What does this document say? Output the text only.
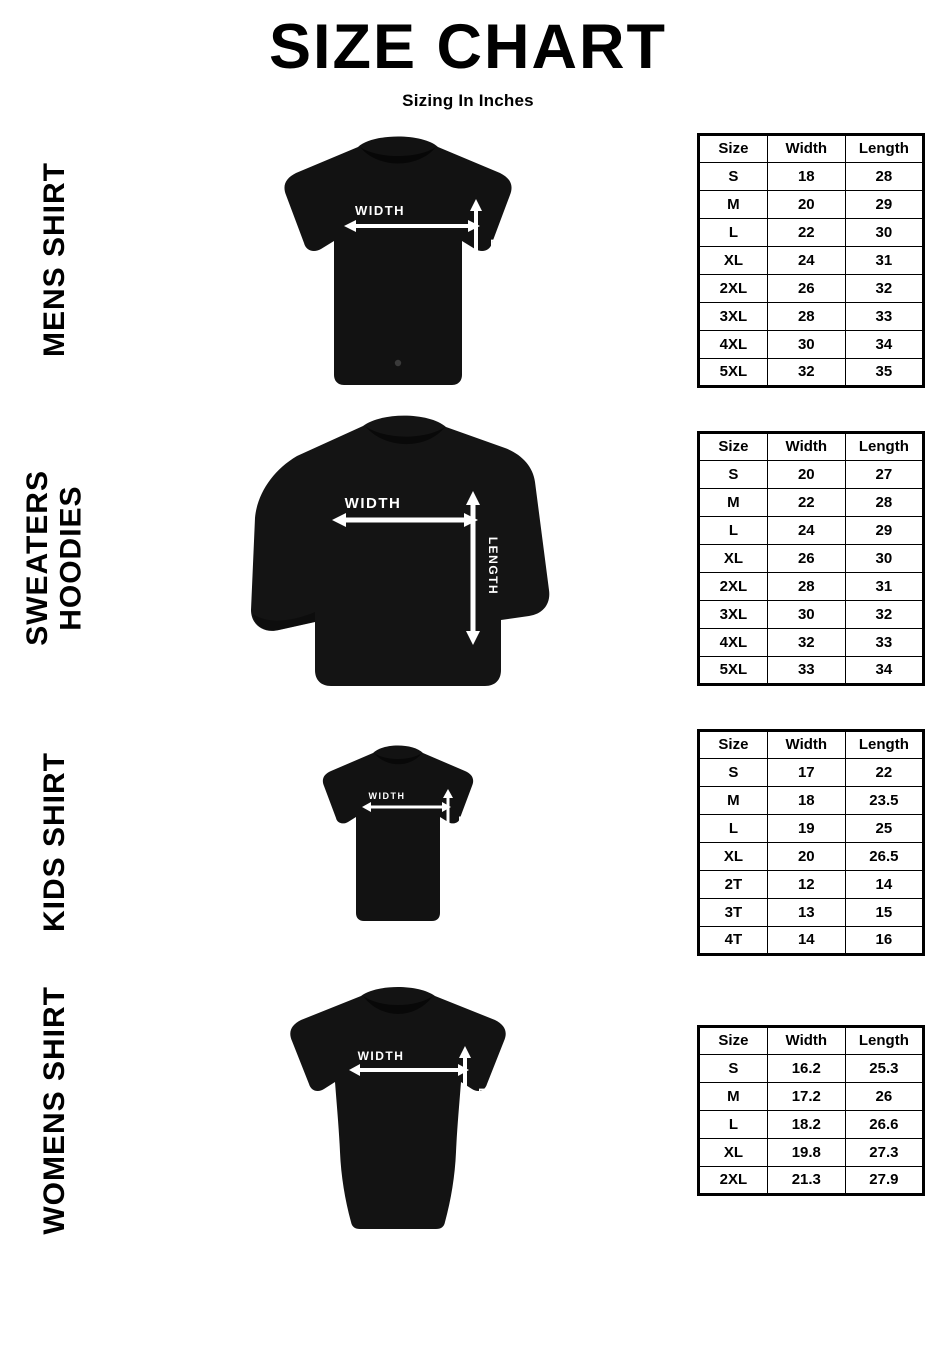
SIZE CHART
Sizing In Inches
MENS SHIRT	WIDTH
LENGTH
Size	Width	Length
S	18	28
M	20	29
L	22	30
XL	24	31
2XL	26	32
3XL	28	33
4XL	30	34
5XL	32	35
SWEATERS
HOODIES	WIDTH
LENGTH
Size	Width	Length
S	20	27
M	22	28
L	24	29
XL	26	30
2XL	28	31
3XL	30	32
4XL	32	33
5XL	33	34
KIDS SHIRT	WIDTH
LENGTH
Size	Width	Length
S	17	22
M	18	23.5
L	19	25
XL	20	26.5
2T	12	14
3T	13	15
4T	14	16
WOMENS SHIRT	WIDTH
LENGTH
Size	Width	Length
S	16.2	25.3
M	17.2	26
L	18.2	26.6
XL	19.8	27.3
2XL	21.3	27.9
